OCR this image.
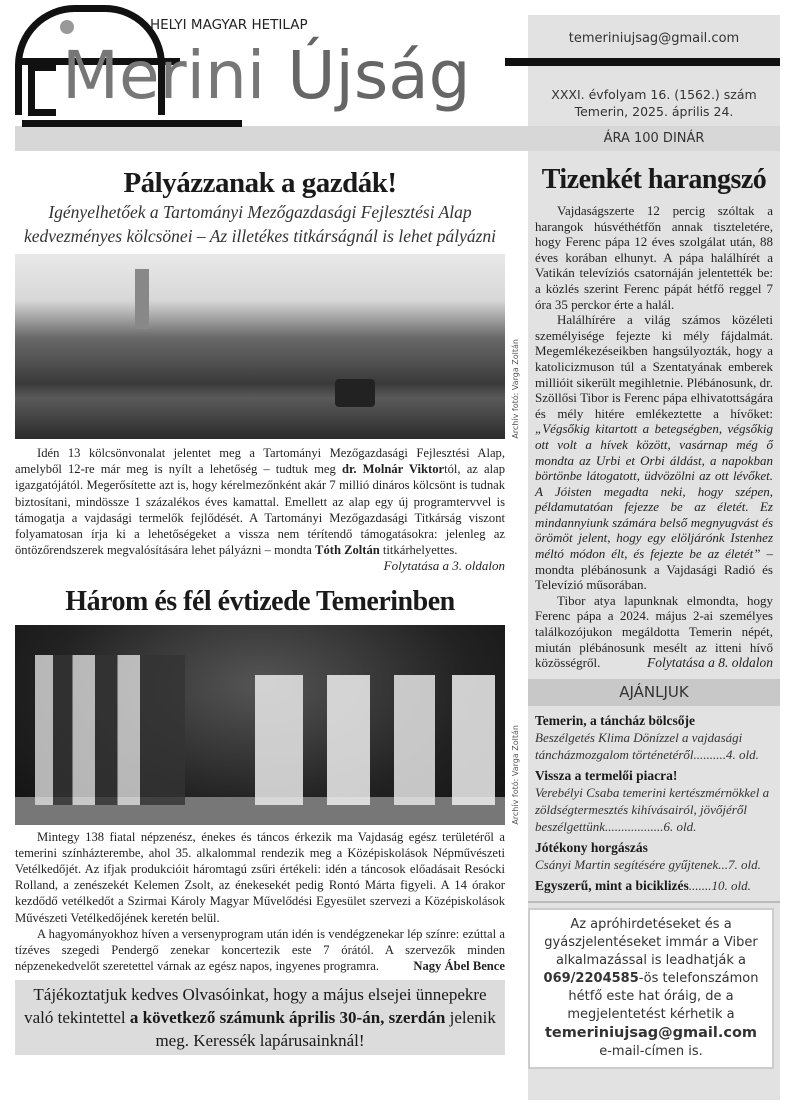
Tizenkét harangszó

Vajdaságszerte 12 percig szóltak a harangok húsvéthétfőn annak tiszteletére, hogy Ferenc pápa 12 éves szolgálat után, 88 éves korában elhunyt. A pápa halálhírét a Vatikán televíziós csatornáján jelentették be: a közlés szerint Ferenc pápát hétfő reggel 7 óra 35 perckor érte a halál.

Halálhírére a világ számos közéleti személyisége fejezte ki mély fájdalmát. Megemlékezéseikben hangsúlyozták, hogy a katolicizmuson túl a Szentatyának emberek millióit sikerült megihletnie. Plébánosunk, dr. Szöllősi Tibor is Ferenc pápa elhivatottságára és mély hitére emlékeztette a hívőket: „Végsőkig kitartott a betegségben, végsőkig ott volt a hívek között, vasárnap még ő mondta az Urbi et Orbi áldást, a napokban börtönbe látogatott, üdvözölni az ott lévőket. A Jóisten megadta neki, hogy szépen, példamutatóan fejezze be az életét. Ez mindannyiunk számára belső megnyugvást és örömöt jelent, hogy egy elöljárónk Istenhez méltó módon élt, és fejezte be az életét” – mondta plébánosunk a Vajdasági Radió és Televízió műsorában.

Tibor atya lapunknak elmondta, hogy Ferenc pápa a 2024. május 2-ai személyes találkozójukon megáldotta Temerin népét, miután plébánosunk mesélt az itteni hívő közösségről.	Folytatása a 8. oldalon

AJÁNLJUK
Temerin, a táncház bölcsője
Beszélgetés Klima Dönízzel a vajdasági táncházmozgalom történetéről..........4. old.
Vissza a termelői piacra!
Verebélyi Csaba temerini kertészmérnökkel a zöldségtermesztés kihívásairól, jövőjéről beszélgettünk..................6. old.
Jótékony horgászás
Csányi Martin segítésére gyűjtenek...7. old.
Egyszerű, mint a biciklizés.......10. old.
Az apróhirdetéseket és a gyászjelentéseket immár a Viber alkalmazással is leadhatják a 069/2204585-ös telefonszámon hétfő este hat óráig, de a megjelentetést kérhetik a
temeriniujsag@gmail.com
e-mail-címen is.
HELYI MAGYAR HETILAP
Merini Újság	temeriniujsag@gmail.com
XXXI. évfolyam 16. (1562.) szám
Temerin, 2025. április 24.
ÁRA 100 DINÁR
Pályázzanak a gazdák!
Igényelhetőek a Tartományi Mezőgazdasági Fejlesztési Alap
kedvezményes kölcsönei – Az illetékes titkárságnál is lehet pályázni
Archív fotó: Varga Zoltán

Idén 13 kölcsönvonalat jelentet meg a Tartományi Mezőgazdasági Fejlesztési Alap, amelyből 12-re már meg is nyílt a lehetőség – tudtuk meg dr. Molnár Viktortól, az alap igazgatójától. Megerősítette azt is, hogy kérelmezőnként akár 7 millió dináros kölcsönt is tudnak biztosítani, mindössze 1 százalékos éves kamattal. Emellett az alap egy új programtervvel is támogatja a vajdasági termelők fejlődését. A Tartományi Mezőgazdasági Titkárság viszont folyamatosan írja ki a lehetőségeket a vissza nem térítendő támogatásokra: jelenleg az öntözőrendszerek megvalósítására lehet pályázni – mondta Tóth Zoltán titkárhelyettes.
Folytatása a 3. oldalon

Három és fél évtizede Temerinben
Archív fotó: Varga Zoltán

Mintegy 138 fiatal népzenész, énekes és táncos érkezik ma Vajdaság egész területéről a temerini színházterembe, ahol 35. alkalommal rendezik meg a Középiskolások Népművészeti Vetélkedőjét. Az ifjak produkcióit háromtagú zsűri értékeli: idén a táncosok előadásait Resócki Rolland, a zenészekét Kelemen Zsolt, az énekesekét pedig Rontó Márta figyeli. A 14 órakor kezdődő vetélkedőt a Szirmai Károly Magyar Művelődési Egyesület szervezi a Középiskolások Művészeti Vetélkedőjének keretén belül.

A hagyományokhoz híven a versenyprogram után idén is vendégzenekar lép színre: ezúttal a tízéves szegedi Pendergő zenekar koncertezik este 7 órától. A szervezők minden népzenekedvelőt szeretettel várnak az egész napos, ingyenes programra.	Nagy Ábel Bence

Tájékoztatjuk kedves Olvasóinkat, hogy a május elsejei ünnepekre való tekintettel a következő számunk április 30-án, szerdán jelenik meg. Keressék lapárusainknál!
